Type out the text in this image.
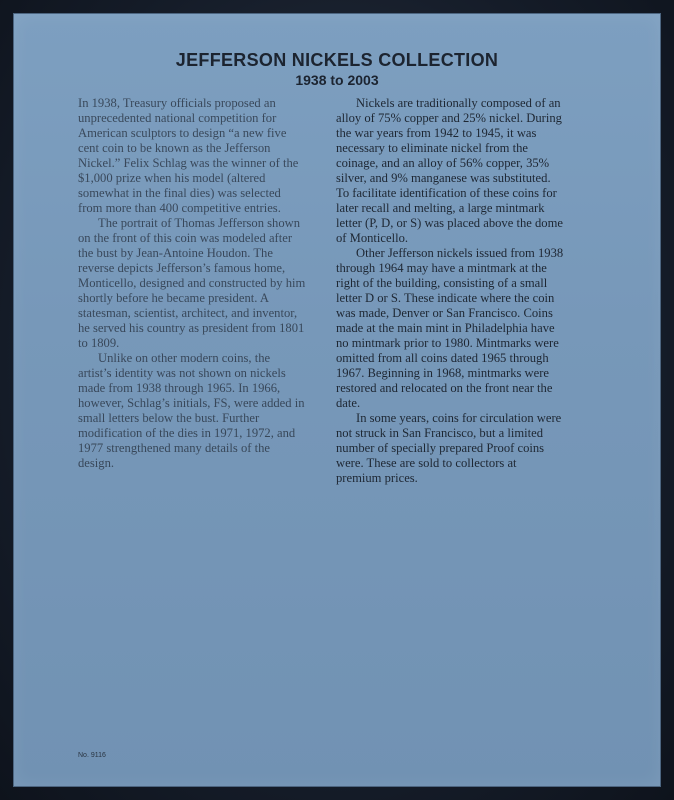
JEFFERSON NICKELS COLLECTION
1938 to 2003

In 1938, Treasury officials proposed an unprecedented national competition for American sculptors to design “a new five cent coin to be known as the Jefferson Nickel.” Felix Schlag was the winner of the $1,000 prize when his model (altered somewhat in the final dies) was selected from more than 400 competitive entries.

The portrait of Thomas Jefferson shown on the front of this coin was modeled after the bust by Jean-Antoine Houdon. The reverse depicts Jefferson’s famous home, Monticello, designed and constructed by him shortly before he became president. A statesman, scientist, architect, and inventor, he served his country as president from 1801 to 1809.

Unlike on other modern coins, the artist’s identity was not shown on nickels made from 1938 through 1965. In 1966, however, Schlag’s initials, FS, were added in small letters below the bust. Further modification of the dies in 1971, 1972, and 1977 strengthened many details of the design.

Nickels are traditionally composed of an alloy of 75% copper and 25% nickel. During the war years from 1942 to 1945, it was necessary to eliminate nickel from the coinage, and an alloy of 56% copper, 35% silver, and 9% manganese was substituted. To facilitate identification of these coins for later recall and melting, a large mintmark letter (P, D, or S) was placed above the dome of Monticello.

Other Jefferson nickels issued from 1938 through 1964 may have a mintmark at the right of the building, consisting of a small letter D or S. These indicate where the coin was made, Denver or San Francisco. Coins made at the main mint in Philadelphia have no mintmark prior to 1980. Mintmarks were omitted from all coins dated 1965 through 1967. Beginning in 1968, mintmarks were restored and relocated on the front near the date.

In some years, coins for circulation were not struck in San Francisco, but a limited number of specially prepared Proof coins were. These are sold to collectors at premium prices.

No. 9116
